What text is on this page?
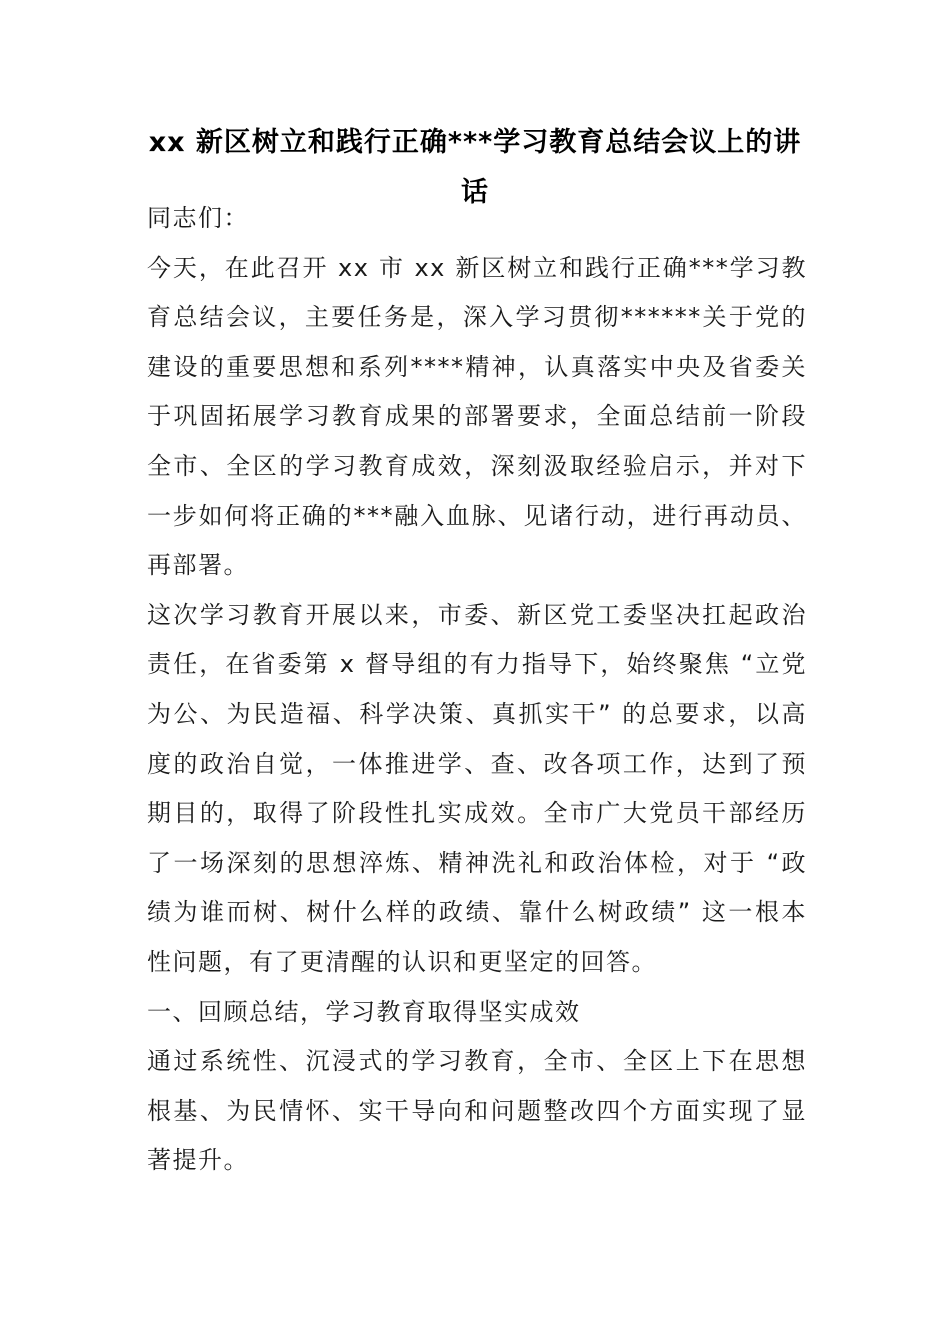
xx 新区树立和践行正确***学习教育总结会议上的讲话

同志们：

今天，在此召开 xx 市 xx 新区树立和践行正确***学习教育总结会议，主要任务是，深入学习贯彻******关于党的建设的重要思想和系列****精神，认真落实中央及省委关于巩固拓展学习教育成果的部署要求，全面总结前一阶段全市、全区的学习教育成效，深刻汲取经验启示，并对下一步如何将正确的***融入血脉、见诸行动，进行再动员、再部署。

这次学习教育开展以来，市委、新区党工委坚决扛起政治责任，在省委第 x 督导组的有力指导下，始终聚焦 “立党为公、为民造福、科学决策、真抓实干” 的总要求，以高度的政治自觉，一体推进学、查、改各项工作，达到了预期目的，取得了阶段性扎实成效。全市广大党员干部经历了一场深刻的思想淬炼、精神洗礼和政治体检，对于 “政绩为谁而树、树什么样的政绩、靠什么树政绩” 这一根本性问题，有了更清醒的认识和更坚定的回答。

一、回顾总结，学习教育取得坚实成效

通过系统性、沉浸式的学习教育，全市、全区上下在思想根基、为民情怀、实干导向和问题整改四个方面实现了显著提升。
